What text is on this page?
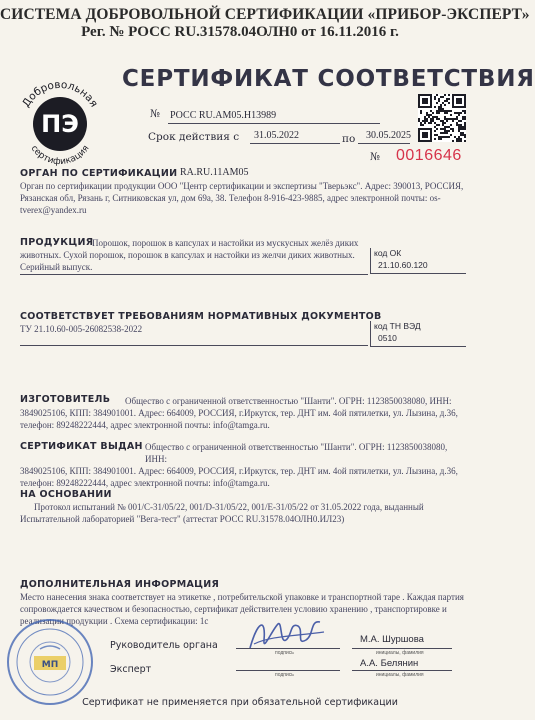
СИСТЕМА ДОБРОВОЛЬНОЙ СЕРТИФИКАЦИИ «ПРИБОР-ЭКСПЕРТ»
Рег. № РОСС RU.31578.04ОЛН0 от 16.11.2016 г.
Добровольная
сертификация
ПЭ
СЕРТИФИКАТ СООТВЕТСТВИЯ
№ РОСС RU.AM05.H13989
Срок действия с 31.05.2022	по 30.05.2025
№ 0016646
ОРГАН ПО СЕРТИФИКАЦИИ RA.RU.11AM05
Орган по сертификации продукции ООО "Центр сертификации и экспертизы "Тверьэкс". Адрес: 390013, РОССИЯ,
Рязанская обл, Рязань г, Ситниковская ул, дом 69а, 38. Телефон 8-916-423-9885, адрес электронной почты: os-
tverex@yandex.ru
ПРОДУКЦИЯ
Порошок, порошок в капсулах и настойки из мускусных желёз диких
животных. Сухой порошок, порошок в капсулах и настойки из желчи диких животных.
Серийный выпуск.
код ОК
21.10.60.120
СООТВЕТСТВУЕТ ТРЕБОВАНИЯМ НОРМАТИВНЫХ ДОКУМЕНТОВ
ТУ 21.10.60-005-26082538-2022	код ТН ВЭД
0510
ИЗГОТОВИТЕЛЬ	Общество с ограниченной ответственностью "Шанти". ОГРН: 1123850038080, ИНН:
3849025106, КПП: 384901001. Адрес: 664009, РОССИЯ, г.Иркутск, тер. ДНТ им. 4ой пятилетки, ул. Лызина, д.36,
телефон: 89248222444, адрес электронной почты: info@tamga.ru.
СЕРТИФИКАТ ВЫДАН Общество с ограниченной ответственностью "Шанти". ОГРН: 1123850038080, ИНН:
3849025106, КПП: 384901001. Адрес: 664009, РОССИЯ, г.Иркутск, тер. ДНТ им. 4ой пятилетки, ул. Лызина, д.36,
телефон: 89248222444, адрес электронной почты: info@tamga.ru.
НА ОСНОВАНИИ
Протокол испытаний № 001/С-31/05/22, 001/D-31/05/22, 001/E-31/05/22 от 31.05.2022 года, выданный
Испытательной лабораторией "Вега-тест" (аттестат РОСС RU.31578.04ОЛН0.ИЛ23)
ДОПОЛНИТЕЛЬНАЯ ИНФОРМАЦИЯ
Место нанесения знака соответствует на этикетке , потребительской упаковке и транспортной таре . Каждая партия
сопровождается качеством и безопасностью, сертификат действителен условию хранению , транспортировке и
реализации продукции . Схема сертификации: 1с
МП
Руководитель органа
М.А. Шуршова
подпись	инициалы, фамилия
Эксперт
А.А. Белянин
подпись	инициалы, фамилия
Сертификат не применяется при обязательной сертификации
